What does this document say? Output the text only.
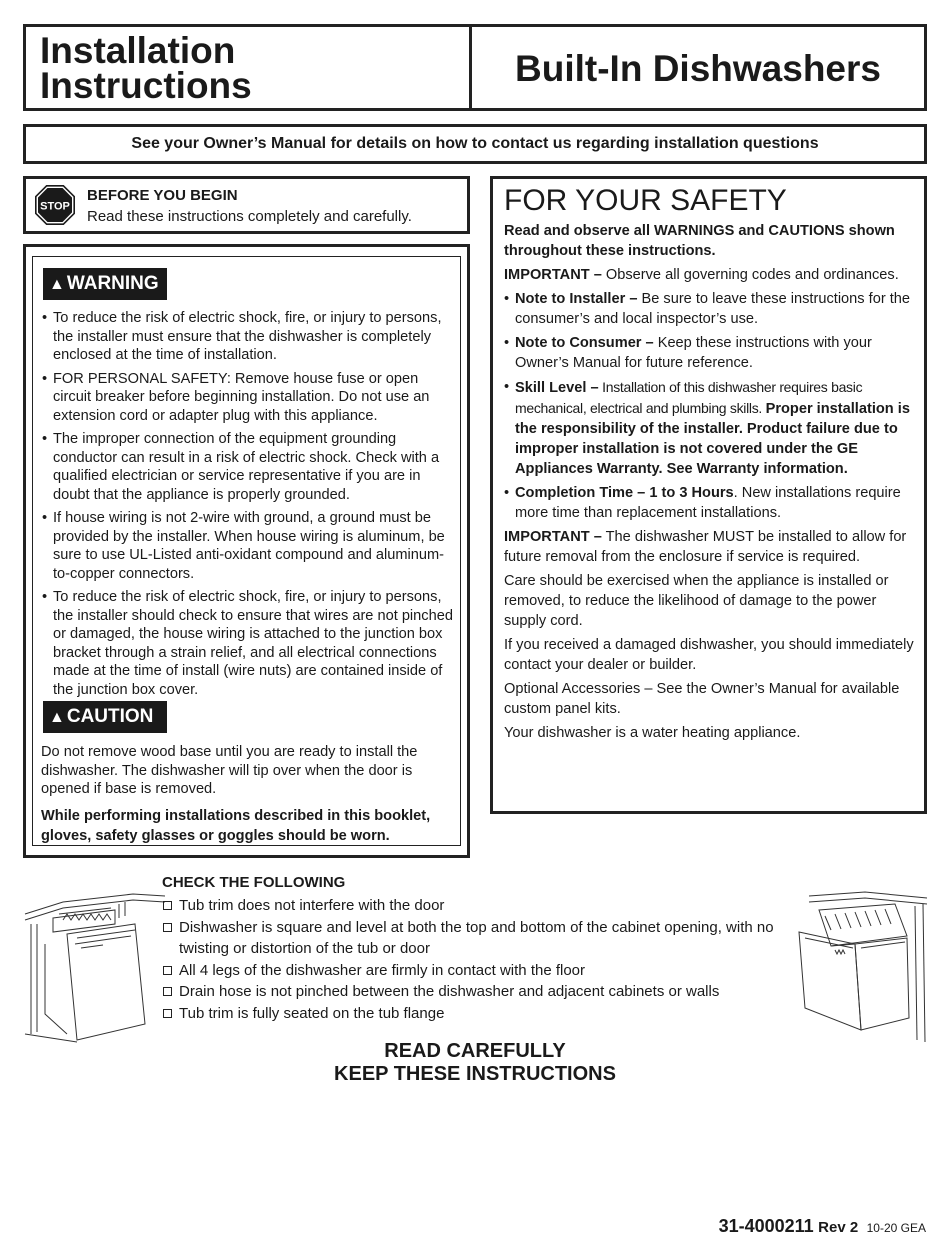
Installation
Instructions	Built-In Dishwashers
See your Owner’s Manual for details on how to contact us regarding installation questions
STOP
BEFORE YOU BEGIN
Read these instructions completely and carefully.
▲ WARNING
• To reduce the risk of electric shock, fire, or injury to persons, the installer must ensure that the dishwasher is completely enclosed at the time of installation.
• FOR PERSONAL SAFETY: Remove house fuse or open circuit breaker before beginning installation. Do not use an extension cord or adapter plug with this appliance.
• The improper connection of the equipment grounding conductor can result in a risk of electric shock. Check with a qualified electrician or service representative if you are in doubt that the appliance is properly grounded.
• If house wiring is not 2-wire with ground, a ground must be provided by the installer. When house wiring is aluminum, be sure to use UL-Listed anti-oxidant compound and aluminum-to-copper connectors.
• To reduce the risk of electric shock, fire, or injury to persons, the installer should check to ensure that wires are not pinched or damaged, the house wiring is attached to the junction box bracket through a strain relief, and all electrical connections made at the time of install (wire nuts) are contained inside of the junction box cover.
▲ CAUTION
Do not remove wood base until you are ready to install the dishwasher. The dishwasher will tip over when the door is opened if base is removed.
While performing installations described in this booklet, gloves, safety glasses or goggles should be worn.
FOR YOUR SAFETY

Read and observe all WARNINGS and CAUTIONS shown throughout these instructions.

IMPORTANT – Observe all governing codes and ordinances.

• Note to Installer – Be sure to leave these instructions for the consumer’s and local inspector’s use.

• Note to Consumer – Keep these instructions with your Owner’s Manual for future reference.

• Skill Level – Installation of this dishwasher requires basic mechanical, electrical and plumbing skills. Proper installation is the responsibility of the installer. Product failure due to improper installation is not covered under the GE Appliances Warranty. See Warranty information.

• Completion Time – 1 to 3 Hours. New installations require more time than replacement installations.

IMPORTANT – The dishwasher MUST be installed to allow for future removal from the enclosure if service is required.

Care should be exercised when the appliance is installed or removed, to reduce the likelihood of damage to the power supply cord.

If you received a damaged dishwasher, you should immediately contact your dealer or builder.

Optional Accessories – See the Owner’s Manual for available custom panel kits.

Your dishwasher is a water heating appliance.

CHECK THE FOLLOWING
Tub trim does not interfere with the door
Dishwasher is square and level at both the top and bottom of the cabinet opening, with no twisting or distortion of the tub or door
All 4 legs of the dishwasher are firmly in contact with the floor
Drain hose is not pinched between the dishwasher and adjacent cabinets or walls
Tub trim is fully seated on the tub flange
READ CAREFULLY
KEEP THESE INSTRUCTIONS
31-4000211 Rev 2 10-20 GEA
